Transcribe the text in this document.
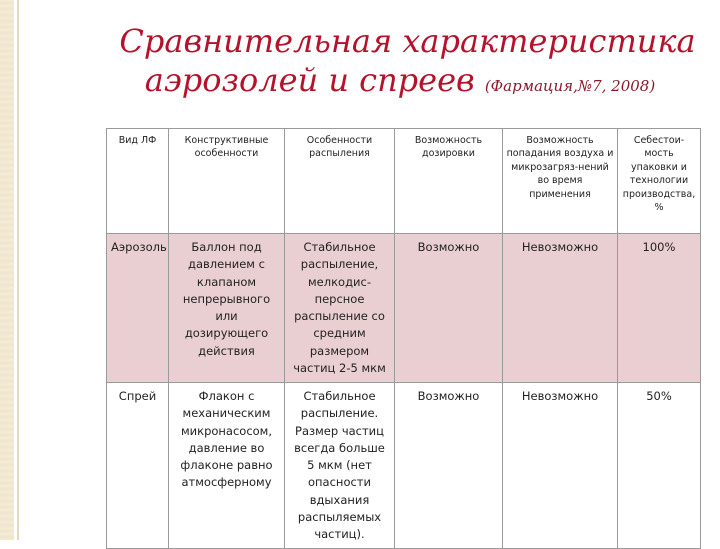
Сравнительная характеристика
аэрозолей и спреев (Фармация,№7, 2008)
Вид ЛФ	Конструктивные особенности	Особенности распыления	Возможность дозировки	Возможность попадания воздуха и микрозагряз-нений во время применения	Себестои-мость упаковки и технологии производства, %
Аэрозоль	Баллон под давлением с клапаном непрерывного или дозирующего действия	Стабильное распыление, мелкодис-персное распыление со средним размером частиц 2-5 мкм	Возможно	Невозможно	100%
Спрей	Флакон с механическим микронасосом, давление во флаконе равно атмосферному	Стабильное распыление. Размер частиц всегда больше 5 мкм (нет опасности вдыхания распыляемых частиц).	Возможно	Невозможно	50%
